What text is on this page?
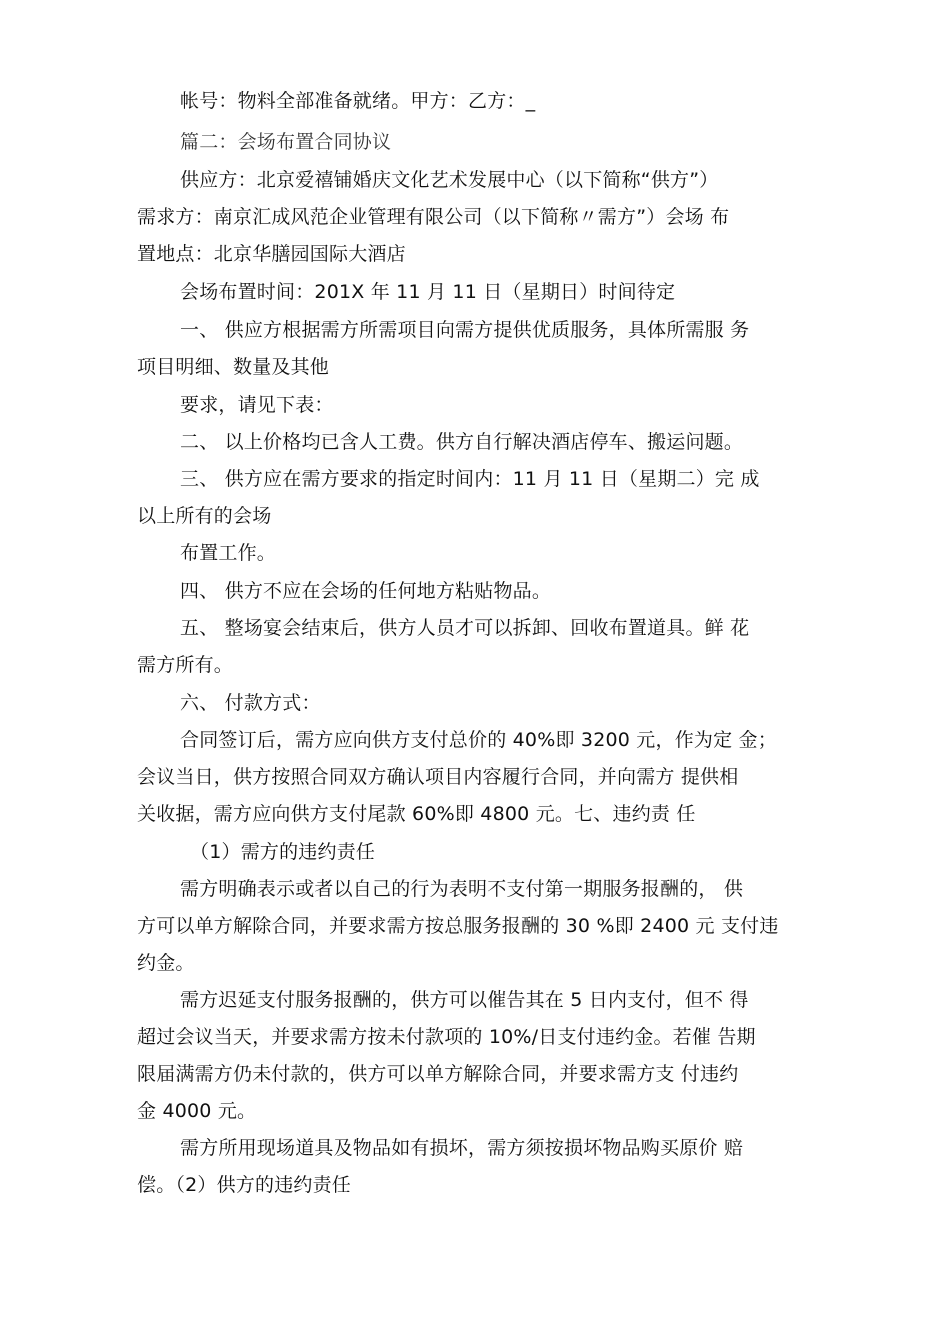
帐号：物料全部准备就绪。甲方：乙方：_
篇二：会场布置合同协议
供应方：北京爱禧铺婚庆文化艺术发展中心（以下简称“供方”）
需求方：南京汇成风范企业管理有限公司（以下简称〃需方”）会场 布
置地点：北京华膳园国际大酒店
会场布置时间：201X 年 11 月 11 日（星期日）时间待定
一、 供应方根据需方所需项目向需方提供优质服务，具体所需服 务
项目明细、数量及其他
要求，请见下表：
二、 以上价格均已含人工费。供方自行解决酒店停车、搬运问题。
三、 供方应在需方要求的指定时间内：11 月 11 日（星期二）完 成
以上所有的会场
布置工作。
四、 供方不应在会场的任何地方粘贴物品。
五、 整场宴会结束后，供方人员才可以拆卸、回收布置道具。鲜 花
需方所有。
六、 付款方式：
合同签订后，需方应向供方支付总价的 40%即 3200 元，作为定 金；
会议当日，供方按照合同双方确认项目内容履行合同，并向需方 提供相
关收据，需方应向供方支付尾款 60%即 4800 元。七、违约责 任
（1）需方的违约责任
需方明确表示或者以自己的行为表明不支付第一期服务报酬的， 供
方可以单方解除合同，并要求需方按总服务报酬的 30 %即 2400 元 支付违
约金。
需方迟延支付服务报酬的，供方可以催告其在 5 日内支付，但不 得
超过会议当天，并要求需方按未付款项的 10%/日支付违约金。若催 告期
限届满需方仍未付款的，供方可以单方解除合同，并要求需方支 付违约
金 4000 元。
需方所用现场道具及物品如有损坏，需方须按损坏物品购买原价 赔
偿。（2）供方的违约责任
